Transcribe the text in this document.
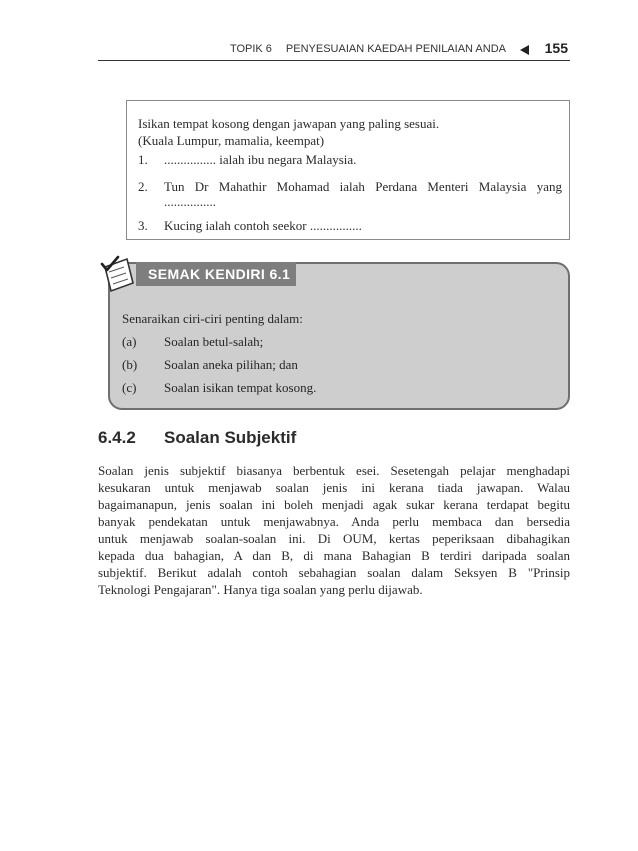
TOPIK 6 PENYESUAIAN KAEDAH PENILAIAN ANDA	155
Isikan tempat kosong dengan jawapan yang paling sesuai.
(Kuala Lumpur, mamalia, keempat)
1. ................ ialah ibu negara Malaysia.
2. Tun Dr Mahathir Mohamad ialah Perdana Menteri Malaysia yang
................
3. Kucing ialah contoh seekor ................
SEMAK KENDIRI 6.1
Senaraikan ciri-ciri penting dalam:
(a) Soalan betul-salah;
(b) Soalan aneka pilihan; dan
(c) Soalan isikan tempat kosong.
6.4.2 Soalan Subjektif
Soalan jenis subjektif biasanya berbentuk esei. Sesetengah pelajar menghadapi
kesukaran untuk menjawab soalan jenis ini kerana tiada jawapan. Walau
bagaimanapun, jenis soalan ini boleh menjadi agak sukar kerana terdapat begitu
banyak pendekatan untuk menjawabnya. Anda perlu membaca dan bersedia
untuk menjawab soalan-soalan ini. Di OUM, kertas peperiksaan dibahagikan
kepada dua bahagian, A dan B, di mana Bahagian B terdiri daripada soalan
subjektif. Berikut adalah contoh sebahagian soalan dalam Seksyen B "Prinsip
Teknologi Pengajaran". Hanya tiga soalan yang perlu dijawab.
